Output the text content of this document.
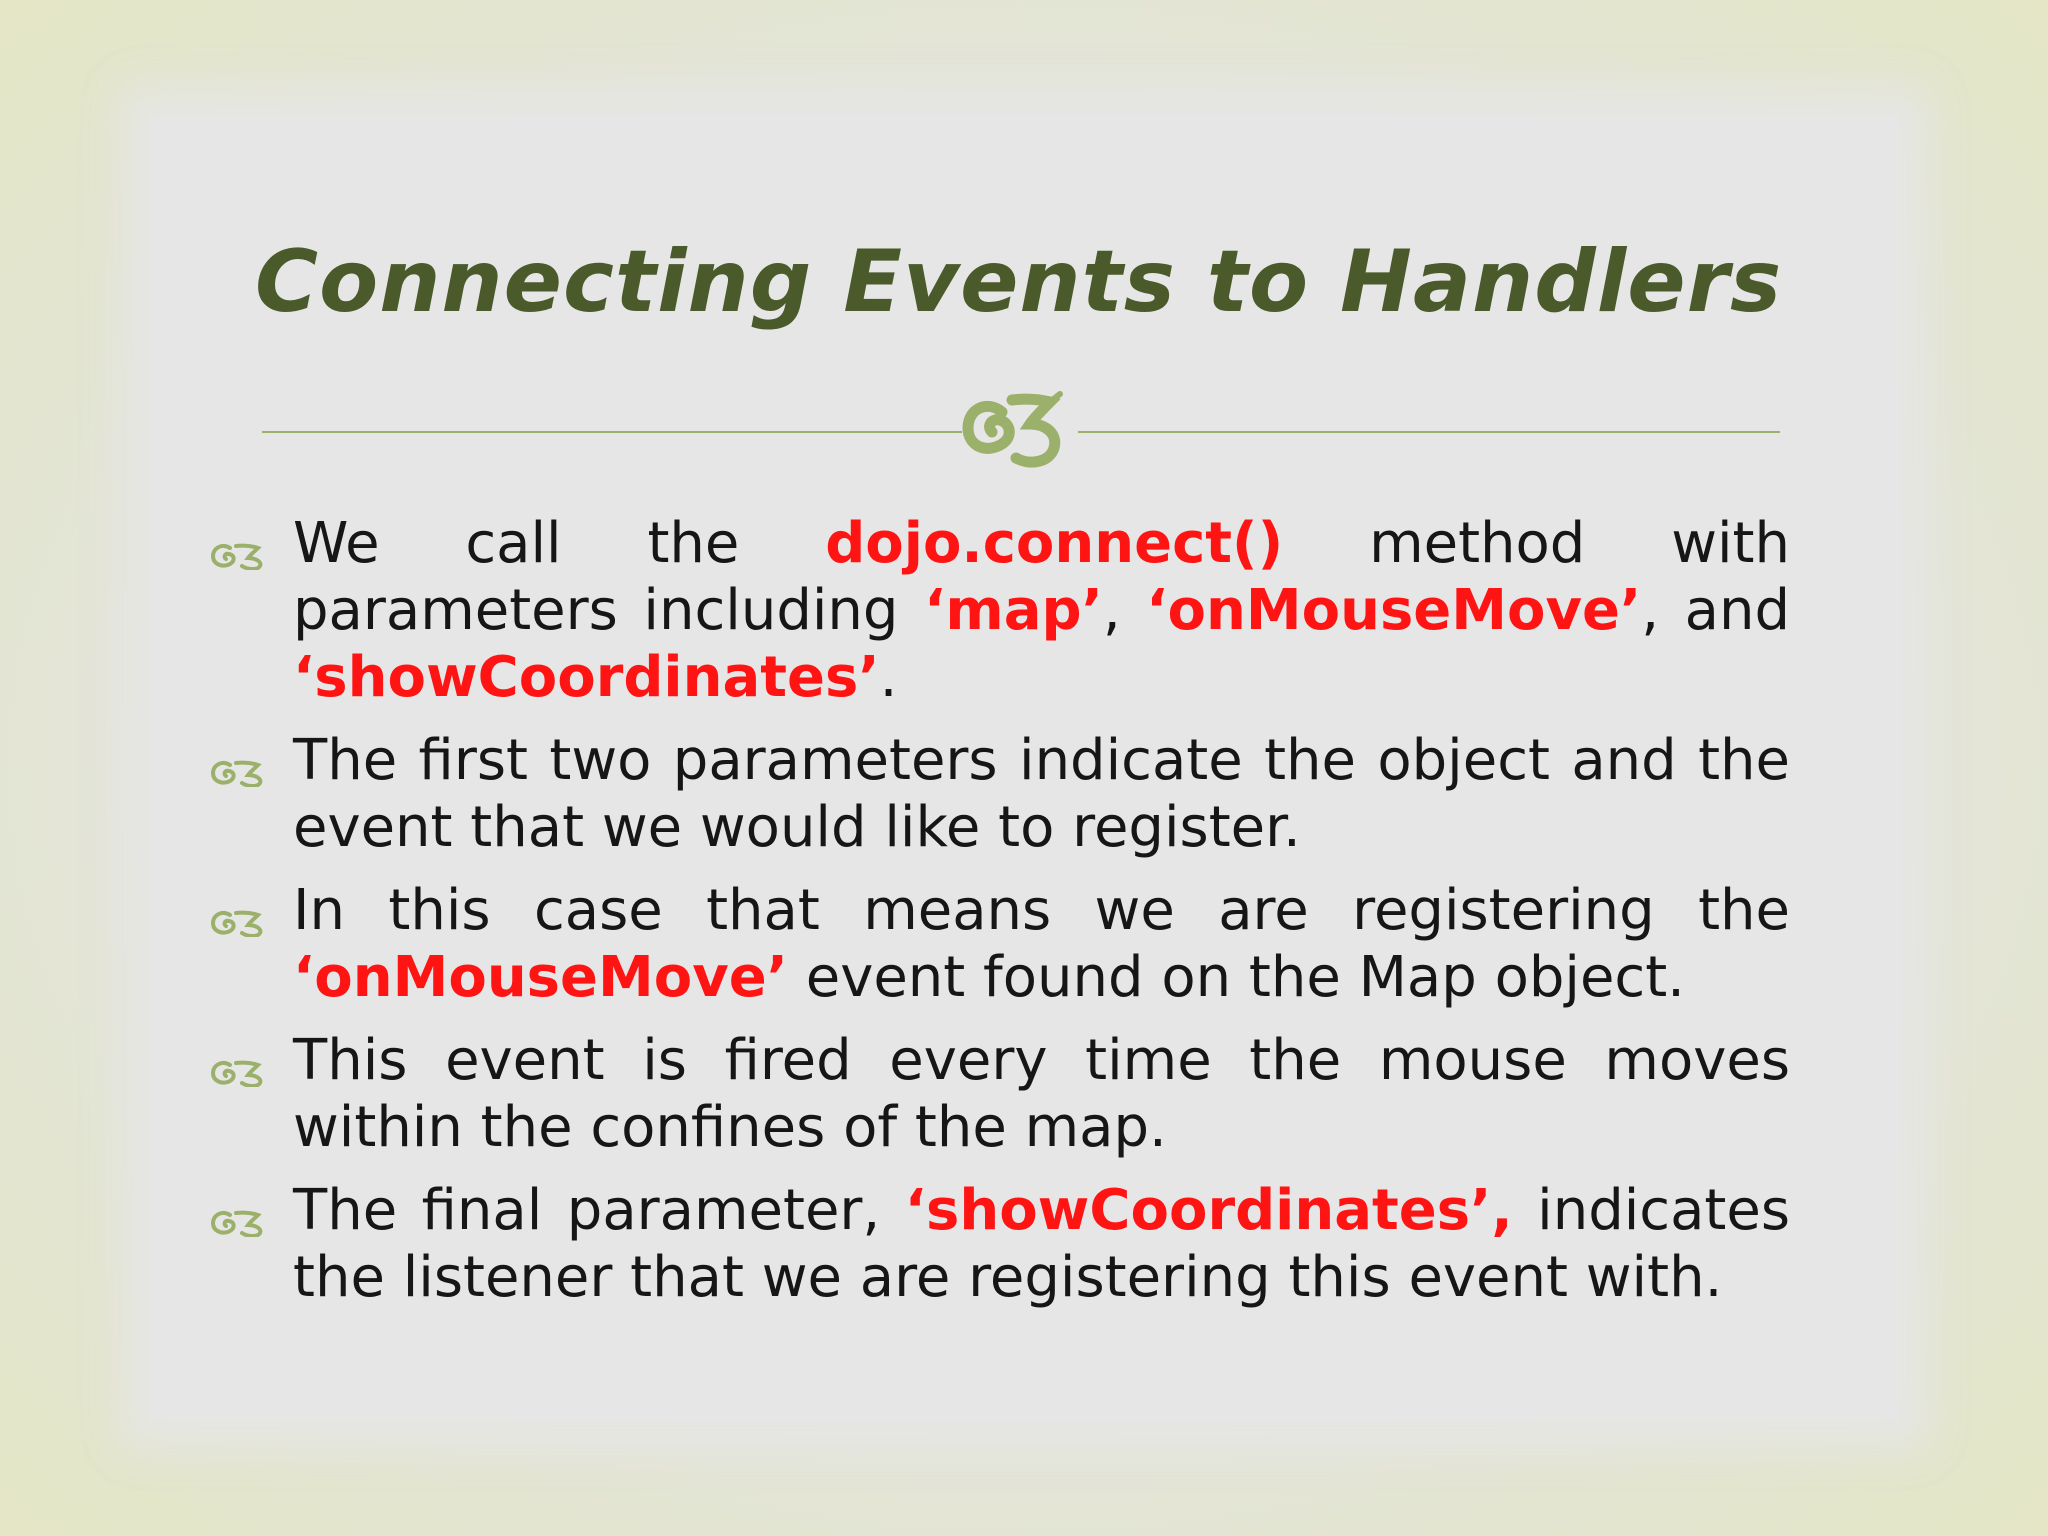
Connecting Events to Handlers
We call the dojo.connect() method with parameters including ‘map’, ‘onMouseMove’, and ‘showCoordinates’.
The first two parameters indicate the object and the event that we would like to register.
In this case that means we are registering the ‘onMouseMove’ event found on the Map object.
This event is fired every time the mouse moves within the confines of the map.
The final parameter, ‘showCoordinates’, indicates the listener that we are registering this event with.
